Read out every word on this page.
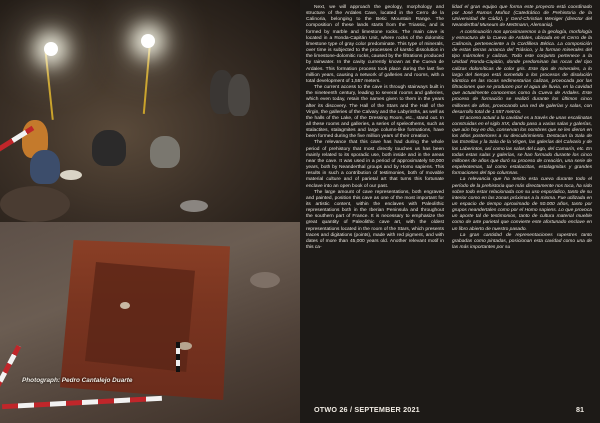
Photograph: Pedro Cantalejo Duarte

Next, we will approach the geology, morphology and structure of the Ardales Cave, located in the Cerro de la Calinoria, belonging to the Betic Mountain Range. The composition of these lands starts from the Triassic, and is formed by marble and limestone rocks. The main cave is located in a Ronda-Capitán Unit, where rocks of the dolomitic limestone type of gray color predominate. This type of minerals, over time is subjected to the processes of karstic dissolution in the limestone-dolomitic rocks, caused by the filtrations produced by rainwater. In the cavity currently known as the Cueva de Ardales. This formation process took place during the last five million years, causing a network of galleries and rooms, with a total development of 1,557 meters.

The current access to the cave is through stairways built in the nineteenth century, leading to several rooms and galleries, which even today, retain the names given to them in the years after its discovery. The Hall of the Stars and the Hall of the Virgin, the galleries of the Calvary and the Labyrinths, as well as the halls of the Lake, of the Dressing Room, etc., stand out. In all these rooms and galleries, a series of speleothems, such as stalactites, stalagmites and large column-like formations, have been formed during the five million years of their creation.

The relevance that this cave has had during the whole period of prehistory that most directly touches us has been mainly related to its sporadic use, both inside and in the areas near the cave. It was used in a period of approximately 50,000 years, both by Neanderthal groups and by Homo sapiens. This results in such a contribution of testimonies, both of movable material culture and of parietal art that turns this fortunate enclave into an open book of our past.

The large amount of cave representations, both engraved and painted, position this cave as one of the most important for its artistic content, within the enclaves with Paleolithic representations both in the Iberian Peninsula and throughout the southern part of France. It is necessary to emphasize the great quantity of Paleolithic cave art, with the oldest representations located in the room of the Stars, which presents traces and digitations (points), made with red pigment, and with dates of more than 45,000 years old. Another relevant motif in this ca-

lidad el gran equipo que forma este proyecto está coordinado por José Ramos Muñoz (Catedrático de Prehistoria de la Universidad de Cádiz), y Gerd-Christian Weniger (director del Neanderthal Museum de Mettmann, Alemania).

A continuación nos aproximaremos a la geología, morfología y estructura de la Cueva de Ardales, ubicada en el Cerro de la Calinoria, perteneciente a la Cordillera Bética. La composición de estas tierras arranca del Triásico, y la forman minerales del tipo mármoles y calizas. Todo este conjunto pertenece a la Unidad Ronda-Capitán, donde predominan las rocas del tipo calizas dolomíticas de color gris. Este tipo de minerales, a lo largo del tiempo está sometido a los procesos de disolución kárstica en las rocas sedimentarias calizas, provocada por las filtraciones que se producen por el agua de lluvia, en la cavidad que actualmente conocemos como la Cueva de Ardales. Este proceso de formación se realizó durante los últimos cinco millones de años, provocando una red de galerías y salas, con desarrollo total de 1.557 metros.

El acceso actual a la cavidad es a través de unas escalinatas construidas en el siglo XIX, dando paso a varias salas y galerías, que aún hoy en día, conservan los nombres que se les dieron en los años posteriores a su descubrimiento. Destacan la Sala de las Estrellas y la Sala de la Virgen, las galerías del Calvario y de los Laberintos, así como las salas del Lago, del Camarín, etc. En todas estas salas y galerías, se han formado durante los cinco millones de años que duró su proceso de creación, una serie de espeleotemas, tal como estalactitas, estalagmitas y grandes formaciones del tipo columnas.

La relevancia que ha tenido esta cueva durante todo el período de la prehistoria que más directamente nos toca, ha sido sobre todo estar relacionada con su uso esporádico, tanto de su interior como en las zonas próximas a la misma. Fue utilizada en un espacio de tiempo aproximado de 50.000 años, tanto por grupos neandertales como por el Homo sapiens. Lo que provoca un aporte tal de testimonios, tanto de cultura material mueble como de arte parietal que convierte este afortunado enclave en un libro abierto de nuestro pasado.

La gran cantidad de representaciones rupestres tanto grabadas como pintadas, posicionan esta cavidad como una de las más importantes por su

OTWO 26 / SEPTEMBER 2021	81
